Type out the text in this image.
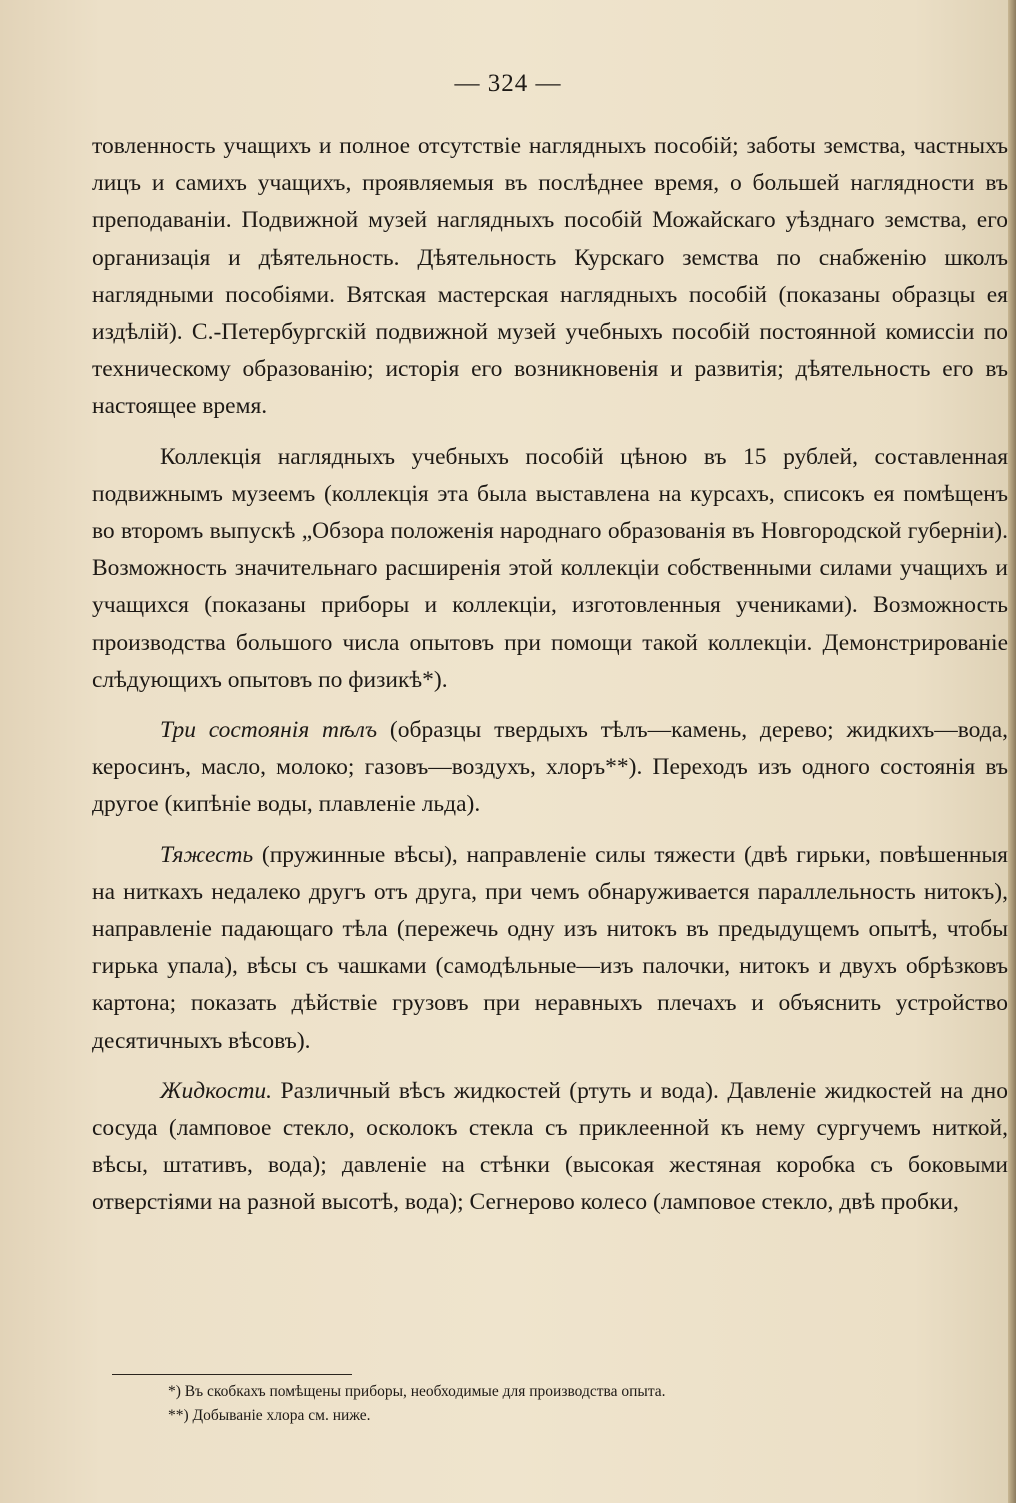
— 324 —

товленность учащихъ и полное отсутствіе наглядныхъ пособій; заботы земства, частныхъ лицъ и самихъ учащихъ, проявляемыя въ послѣднее время, о большей наглядности въ преподаваніи. Подвижной музей наглядныхъ пособій Можайскаго уѣзднаго земства, его организація и дѣятельность. Дѣятельность Курскаго земства по снабженію школъ наглядными пособіями. Вятская мастерская наглядныхъ пособій (показаны образцы ея издѣлій). С.-Петербургскій подвижной музей учебныхъ пособій постоянной комиссіи по техническому образованію; исторія его возникновенія и развитія; дѣятельность его въ настоящее время.

Коллекція наглядныхъ учебныхъ пособій цѣною въ 15 рублей, составленная подвижнымъ музеемъ (коллекція эта была выставлена на курсахъ, списокъ ея помѣщенъ во второмъ выпускѣ „Обзора положенія народнаго образованія въ Новгородской губерніи). Возможность значительнаго расширенія этой коллекціи собственными силами учащихъ и учащихся (показаны приборы и коллекціи, изготовленныя учениками). Возможность производства большого числа опытовъ при помощи такой коллекціи. Демонстрированіе слѣдующихъ опытовъ по физикѣ*).

Три состоянія тѣлъ (образцы твердыхъ тѣлъ—камень, дерево; жидкихъ—вода, керосинъ, масло, молоко; газовъ—воздухъ, хлоръ**). Переходъ изъ одного состоянія въ другое (кипѣніе воды, плавленіе льда).

Тяжесть (пружинные вѣсы), направленіе силы тяжести (двѣ гирьки, повѣшенныя на ниткахъ недалеко другъ отъ друга, при чемъ обнаруживается параллельность нитокъ), направленіе падающаго тѣла (пережечь одну изъ нитокъ въ предыдущемъ опытѣ, чтобы гирька упала), вѣсы съ чашками (самодѣльные—изъ палочки, нитокъ и двухъ обрѣзковъ картона; показать дѣйствіе грузовъ при неравныхъ плечахъ и объяснить устройство десятичныхъ вѣсовъ).

Жидкости. Различный вѣсъ жидкостей (ртуть и вода). Давленіе жидкостей на дно сосуда (ламповое стекло, осколокъ стекла съ приклеенной къ нему сургучемъ ниткой, вѣсы, штативъ, вода); давленіе на стѣнки (высокая жестяная коробка съ боковыми отверстіями на разной высотѣ, вода); Сегнерово колесо (ламповое стекло, двѣ пробки,

*) Въ скобкахъ помѣщены приборы, необходимые для производства опыта.

**) Добываніе хлора см. ниже.
